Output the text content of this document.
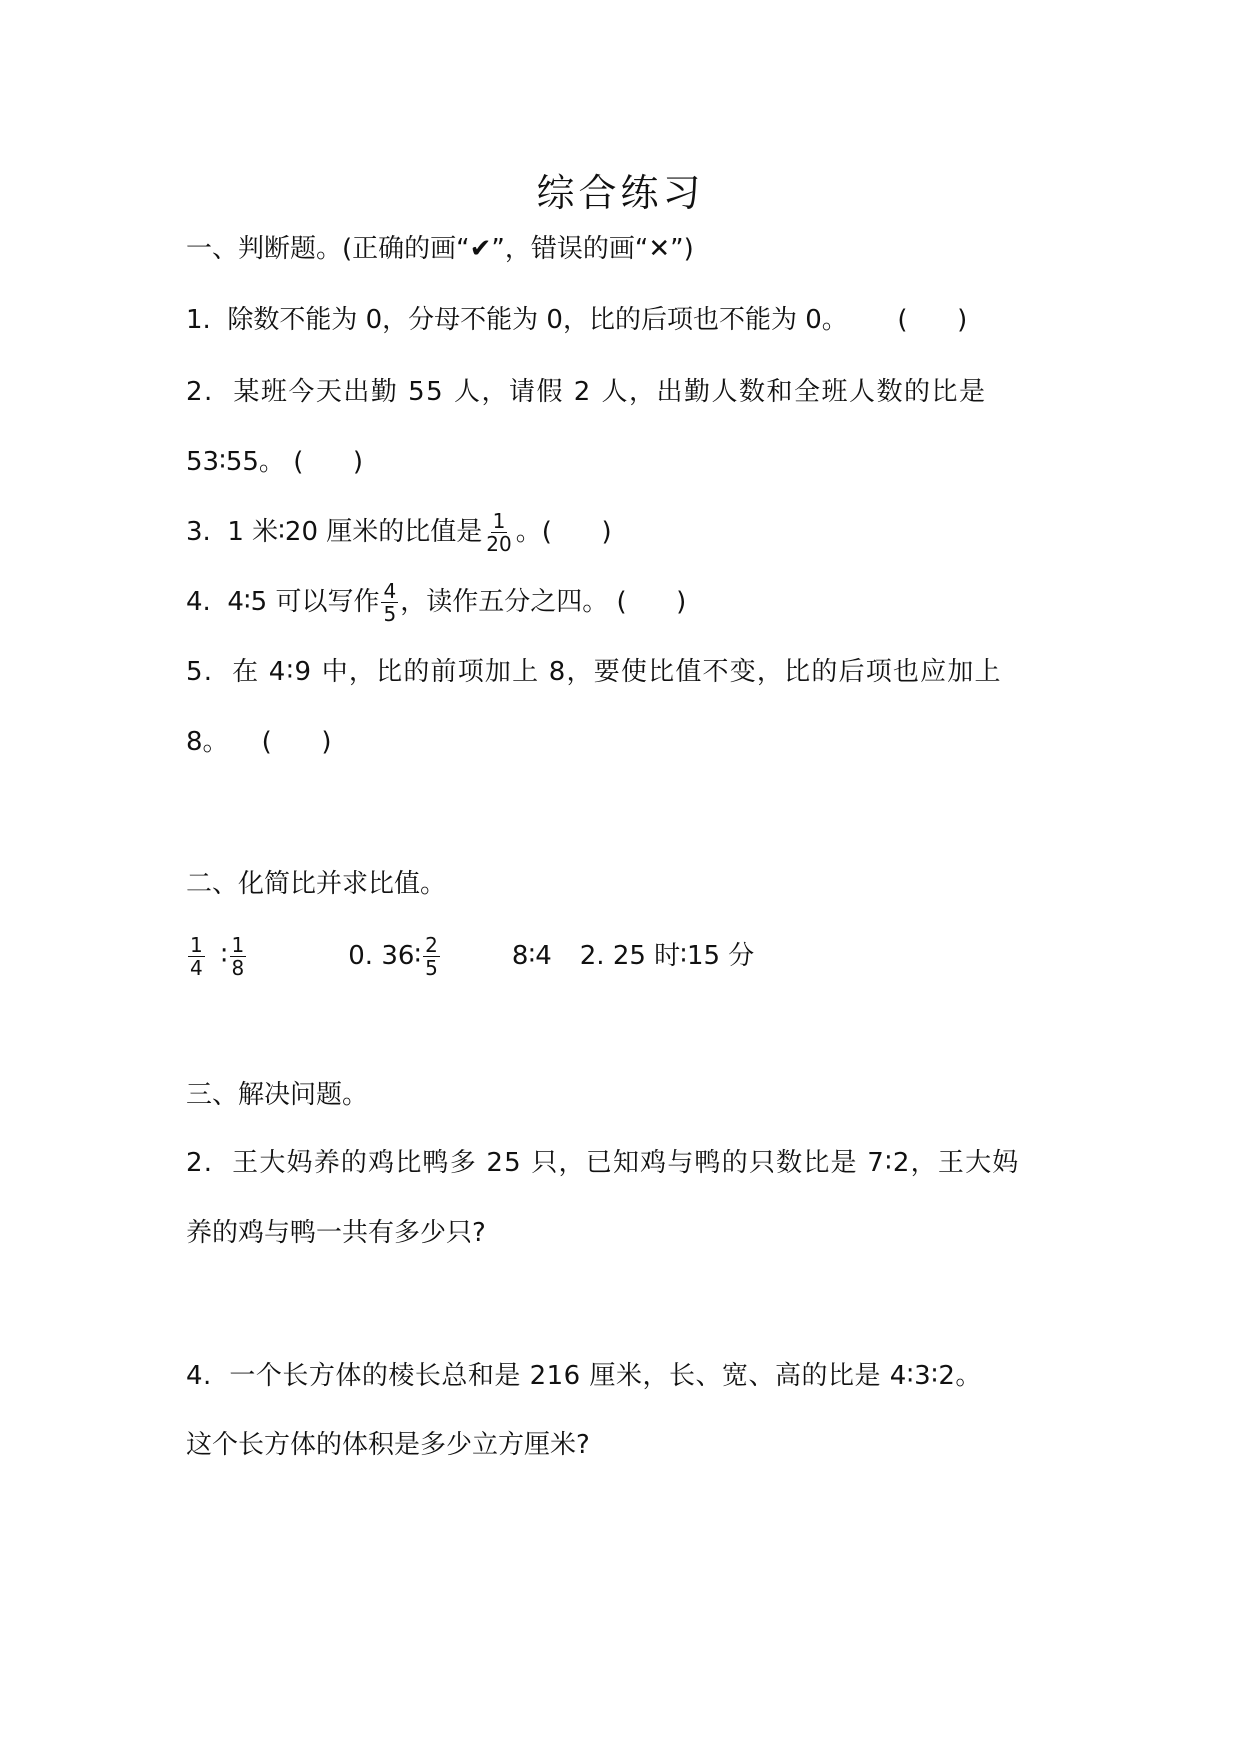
综合练习
一、判断题。(正确的画“✔”，错误的画“✕”)
1.  除数不能为 0，分母不能为 0，比的后项也不能为 0。      (      )
2.  某班今天出勤 55 人，请假 2 人，出勤人数和全班人数的比是
53∶55。 (      )
3.  1 米∶20 厘米的比值是 $\frac{1}{20}$ 。(      )
4.  4∶5 可以写作 $\frac{4}{5}$ ，读作五分之四。 (      )
5.  在 4∶9 中，比的前项加上 8，要使比值不变，比的后项也应加上
8。    (      )
二、化简比并求比值。
$\frac{1}{4}$ ∶ $\frac{1}{8}$	0. 36∶ $\frac{2}{5}$	8∶4 2. 25 时∶15 分
三、解决问题。
2.  王大妈养的鸡比鸭多 25 只，已知鸡与鸭的只数比是 7∶2，王大妈
养的鸡与鸭一共有多少只?
4.  一个长方体的棱长总和是 216 厘米，长、宽、高的比是 4∶3∶2。
这个长方体的体积是多少立方厘米?
